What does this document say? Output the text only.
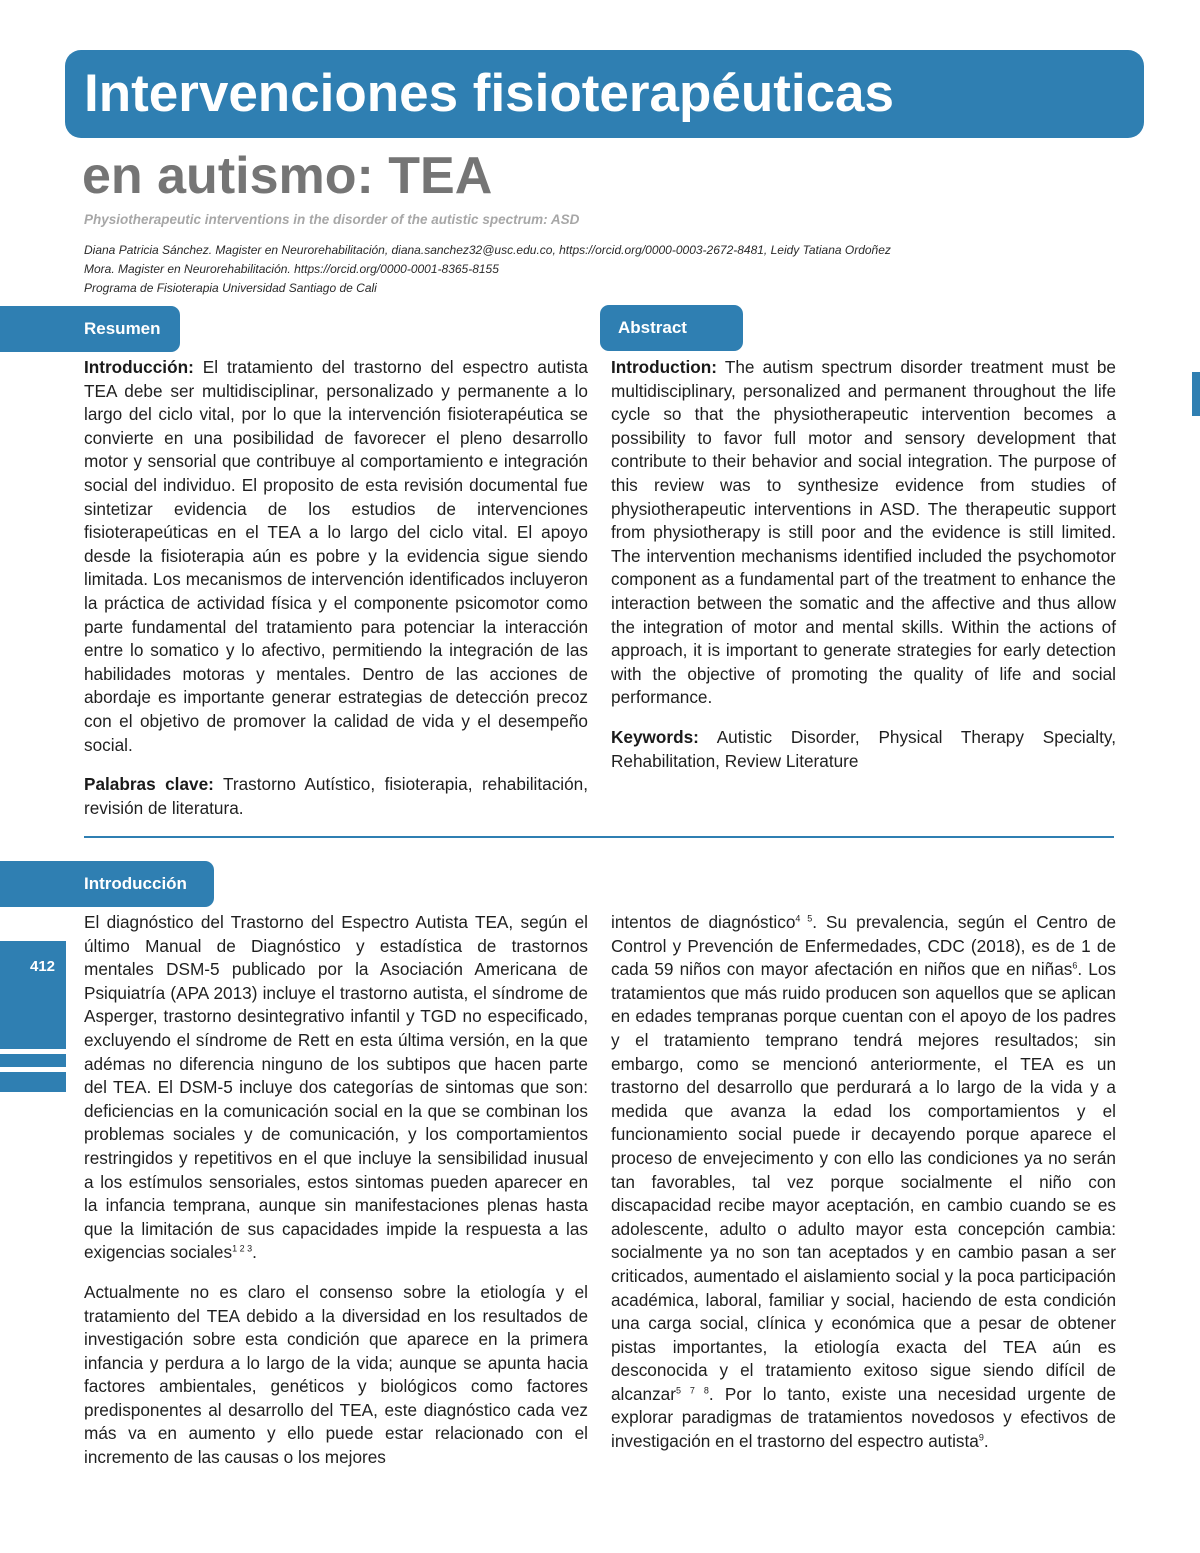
Intervenciones fisioterapéuticas
en autismo: TEA

Physiotherapeutic interventions in the disorder of the autistic spectrum: ASD

Diana Patricia Sánchez. Magister en Neurorehabilitación, diana.sanchez32@usc.edu.co, https://orcid.org/0000-0003-2672-8481, Leidy Tatiana Ordoñez
Mora. Magister en Neurorehabilitación. https://orcid.org/0000-0001-8365-8155
Programa de Fisioterapia Universidad Santiago de Cali
Resumen	Abstract

Introducción: El tratamiento del trastorno del espectro autista TEA debe ser multidisciplinar, personalizado y permanente a lo largo del ciclo vital, por lo que la intervención fisioterapéutica se convierte en una posibilidad de favorecer el pleno desarrollo motor y sensorial que contribuye al comportamiento e integración social del individuo. El proposito de esta revisión documental fue sintetizar evidencia de los estudios de intervenciones fisioterapeúticas en el TEA a lo largo del ciclo vital. El apoyo desde la fisioterapia aún es pobre y la evidencia sigue siendo limitada. Los mecanismos de intervención identificados incluyeron la práctica de actividad física y el componente psicomotor como parte fundamental del tratamiento para potenciar la interacción entre lo somatico y lo afectivo, permitiendo la integración de las habilidades motoras y mentales. Dentro de las acciones de abordaje es importante generar estrategias de detección precoz con el objetivo de promover la calidad de vida y el desempeño social.

Palabras clave: Trastorno Autístico, fisioterapia, rehabilitación, revisión de literatura.

Introduction: The autism spectrum disorder treatment must be multidisciplinary, personalized and permanent throughout the life cycle so that the physiotherapeutic intervention becomes a possibility to favor full motor and sensory development that contribute to their behavior and social integration. The purpose of this review was to synthesize evidence from studies of physiotherapeutic interventions in ASD. The therapeutic support from physiotherapy is still poor and the evidence is still limited. The intervention mechanisms identified included the psychomotor component as a fundamental part of the treatment to enhance the interaction between the somatic and the affective and thus allow the integration of motor and mental skills. Within the actions of approach, it is important to generate strategies for early detection with the objective of promoting the quality of life and social performance.

Keywords: Autistic Disorder, Physical Therapy Specialty, Rehabilitation, Review Literature

Introducción
412

El diagnóstico del Trastorno del Espectro Autista TEA, según el último Manual de Diagnóstico y estadística de trastornos mentales DSM-5 publicado por la Asociación Americana de Psiquiatría (APA 2013) incluye el trastorno autista, el síndrome de Asperger, trastorno desintegrativo infantil y TGD no especificado, excluyendo el síndrome de Rett en esta última versión, en la que adémas no diferencia ninguno de los subtipos que hacen parte del TEA. El DSM-5 incluye dos categorías de sintomas que son: deficiencias en la comunicación social en la que se combinan los problemas sociales y de comunicación, y los comportamientos restringidos y repetitivos en el que incluye la sensibilidad inusual a los estímulos sensoriales, estos sintomas pueden aparecer en la infancia temprana, aunque sin manifestaciones plenas hasta que la limitación de sus capacidades impide la respuesta a las exigencias sociales$^{1 2 3}$.

Actualmente no es claro el consenso sobre la etiología y el tratamiento del TEA debido a la diversidad en los resultados de investigación sobre esta condición que aparece en la primera infancia y perdura a lo largo de la vida; aunque se apunta hacia factores ambientales, genéticos y biológicos como factores predisponentes al desarrollo del TEA, este diagnóstico cada vez más va en aumento y ello puede estar relacionado con el incremento de las causas o los mejores

intentos de diagnóstico$^{4 5}$. Su prevalencia, según el Centro de Control y Prevención de Enfermedades, CDC (2018), es de 1 de cada 59 niños con mayor afectación en niños que en niñas$^6$. Los tratamientos que más ruido producen son aquellos que se aplican en edades tempranas porque cuentan con el apoyo de los padres y el tratamiento temprano tendrá mejores resultados; sin embargo, como se mencionó anteriormente, el TEA es un trastorno del desarrollo que perdurará a lo largo de la vida y a medida que avanza la edad los comportamientos y el funcionamiento social puede ir decayendo porque aparece el proceso de envejecimento y con ello las condiciones ya no serán tan favorables, tal vez porque socialmente el niño con discapacidad recibe mayor aceptación, en cambio cuando se es adolescente, adulto o adulto mayor esta concepción cambia: socialmente ya no son tan aceptados y en cambio pasan a ser criticados, aumentado el aislamiento social y la poca participación académica, laboral, familiar y social, haciendo de esta condición una carga social, clínica y económica que a pesar de obtener pistas importantes, la etiología exacta del TEA aún es desconocida y el tratamiento exitoso sigue siendo difícil de alcanzar$^{5 7 8}$. Por lo tanto, existe una necesidad urgente de explorar paradigmas de tratamientos novedosos y efectivos de investigación en el trastorno del espectro autista$^9$.
